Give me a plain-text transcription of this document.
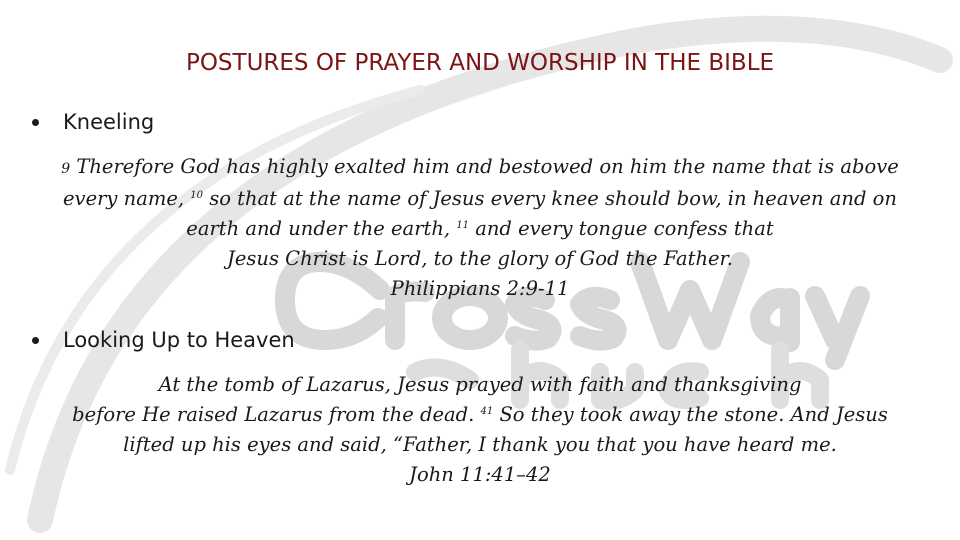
POSTURES OF PRAYER AND WORSHIP IN THE BIBLE
Kneeling
9 Therefore God has highly exalted him and bestowed on him the name that is above
every name, $^{10}$ so that at the name of Jesus every knee should bow, in heaven and on
earth and under the earth, $^{11}$ and every tongue confess that
Jesus Christ is Lord, to the glory of God the Father.
Philippians 2:9-11
Looking Up to Heaven
At the tomb of Lazarus, Jesus prayed with faith and thanksgiving
before He raised Lazarus from the dead. $^{41}$ So they took away the stone. And Jesus
lifted up his eyes and said, “Father, I thank you that you have heard me.
John 11:41–42
